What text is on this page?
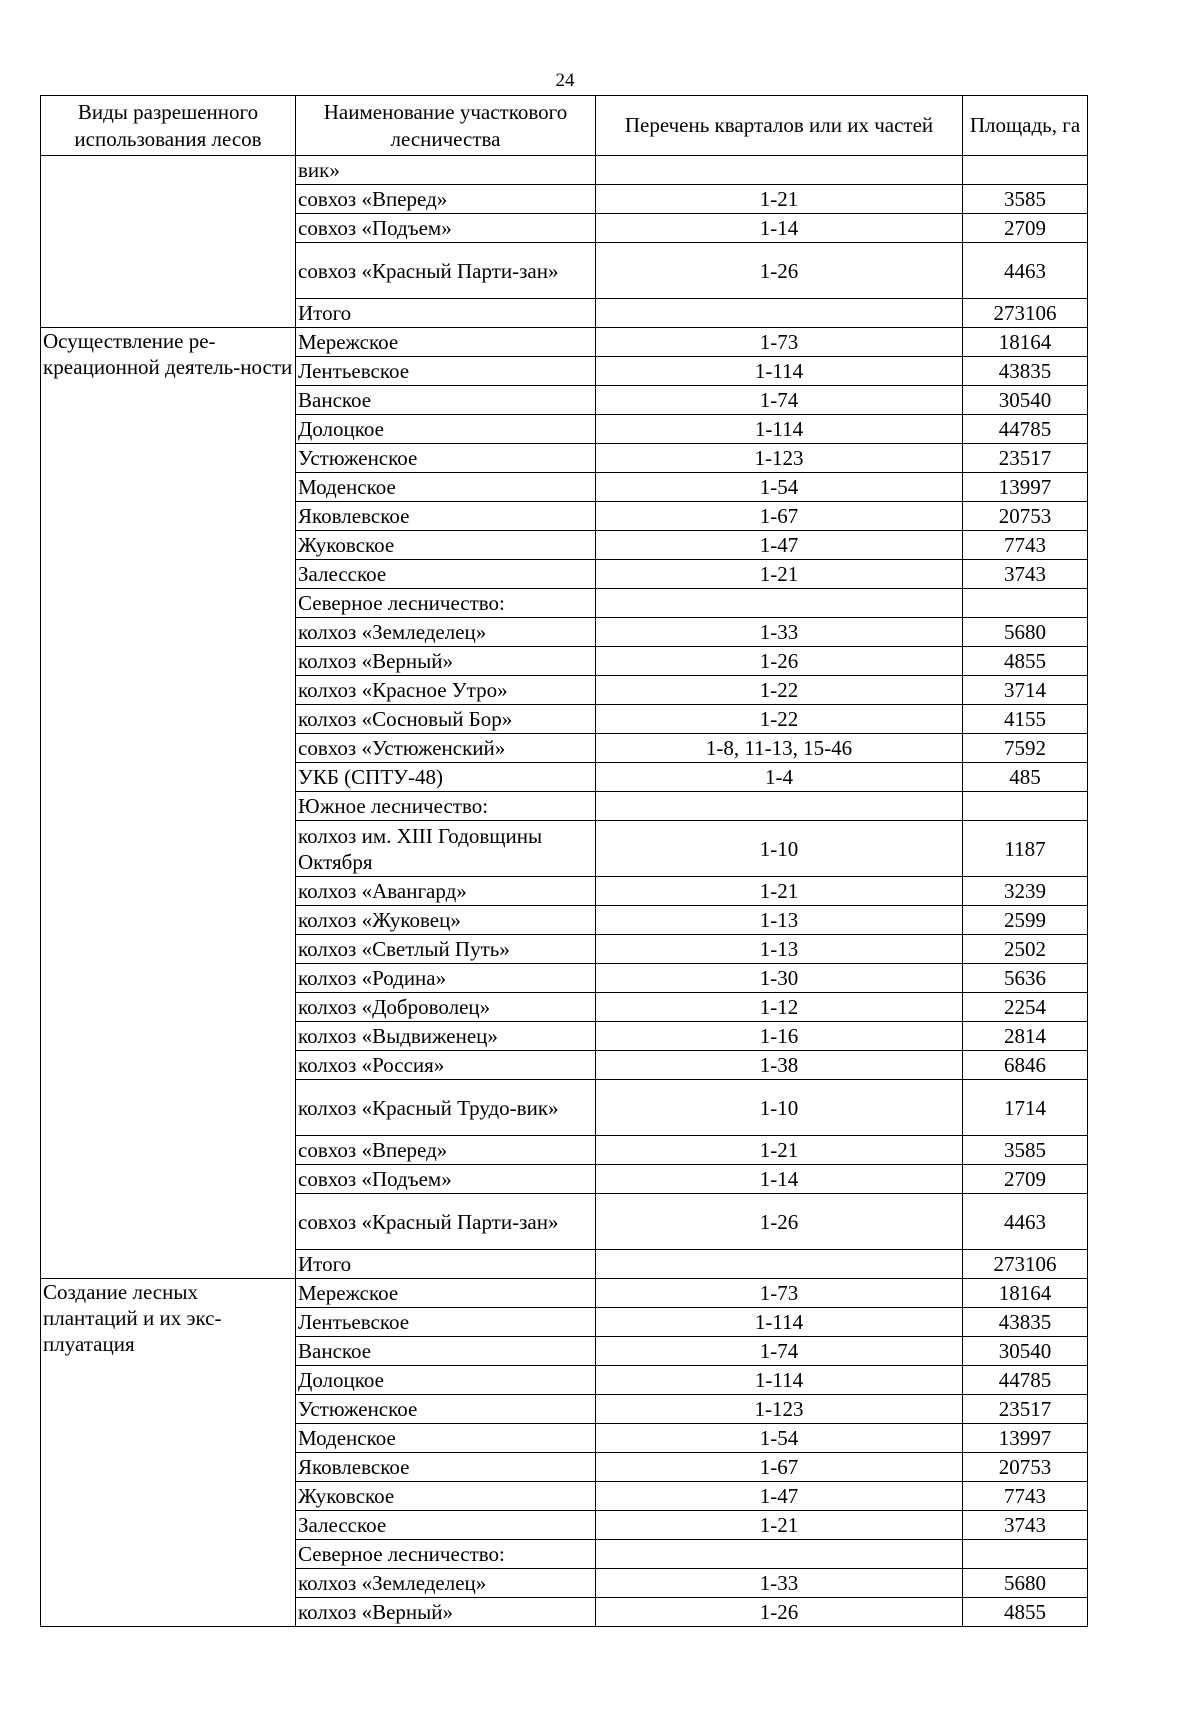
24
Виды разрешенного использования лесов	Наименование участкового лесничества	Перечень кварталов или их частей	Площадь, га
	вик»		
	совхоз «Вперед»	1-21	3585
	совхоз «Подъем»	1-14	2709
	совхоз «Красный Парти-зан»	1-26	4463
	Итого		273106
Осуществление ре-креационной деятель-ности	Мережское	1-73	18164
	Лентьевское	1-114	43835
	Ванское	1-74	30540
	Долоцкое	1-114	44785
	Устюженское	1-123	23517
	Моденское	1-54	13997
	Яковлевское	1-67	20753
	Жуковское	1-47	7743
	Залесское	1-21	3743
	Северное лесничество:		
	колхоз «Земледелец»	1-33	5680
	колхоз «Верный»	1-26	4855
	колхоз «Красное Утро»	1-22	3714
	колхоз «Сосновый Бор»	1-22	4155
	совхоз «Устюженский»	1-8, 11-13, 15-46	7592
	УКБ (СПТУ-48)	1-4	485
	Южное лесничество:		
	колхоз им. XIII Годовщины Октября	1-10	1187
	колхоз «Авангард»	1-21	3239
	колхоз «Жуковец»	1-13	2599
	колхоз «Светлый Путь»	1-13	2502
	колхоз «Родина»	1-30	5636
	колхоз «Доброволец»	1-12	2254
	колхоз «Выдвиженец»	1-16	2814
	колхоз «Россия»	1-38	6846
	колхоз «Красный Трудо-вик»	1-10	1714
	совхоз «Вперед»	1-21	3585
	совхоз «Подъем»	1-14	2709
	совхоз «Красный Парти-зан»	1-26	4463
	Итого		273106
Создание лесных плантаций и их экс-плуатация	Мережское	1-73	18164
	Лентьевское	1-114	43835
	Ванское	1-74	30540
	Долоцкое	1-114	44785
	Устюженское	1-123	23517
	Моденское	1-54	13997
	Яковлевское	1-67	20753
	Жуковское	1-47	7743
	Залесское	1-21	3743
	Северное лесничество:		
	колхоз «Земледелец»	1-33	5680
	колхоз «Верный»	1-26	4855
